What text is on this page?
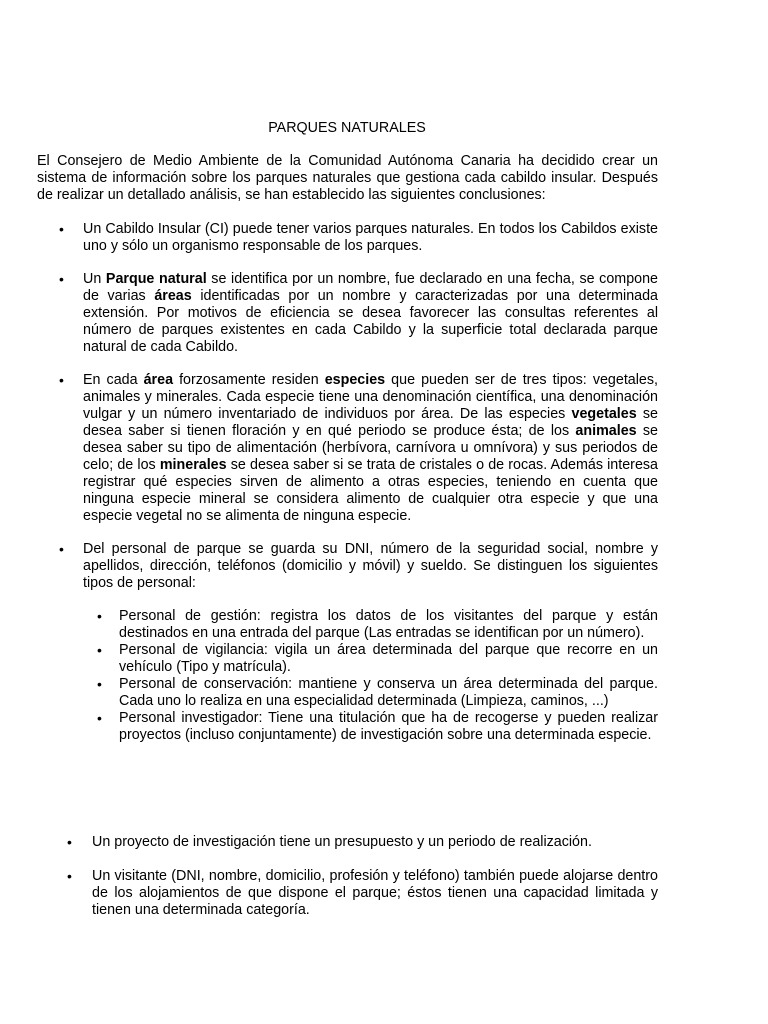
PARQUES NATURALES
El Consejero de Medio Ambiente de la Comunidad Autónoma Canaria ha decidido crear un sistema de información sobre los parques naturales que gestiona cada cabildo insular. Después de realizar un detallado análisis, se han establecido las siguientes conclusiones:
• Un Cabildo Insular (CI) puede tener varios parques naturales. En todos los Cabildos existe uno y sólo un organismo responsable de los parques.
• Un Parque natural se identifica por un nombre, fue declarado en una fecha, se compone de varias áreas identificadas por un nombre y caracterizadas por una determinada extensión. Por motivos de eficiencia se desea favorecer las consultas referentes al número de parques existentes en cada Cabildo y la superficie total declarada parque natural de cada Cabildo.
• En cada área forzosamente residen especies que pueden ser de tres tipos: vegetales, animales y minerales. Cada especie tiene una denominación científica, una denominación vulgar y un número inventariado de individuos por área. De las especies vegetales se desea saber si tienen floración y en qué periodo se produce ésta; de los animales se desea saber su tipo de alimentación (herbívora, carnívora u omnívora) y sus periodos de celo; de los minerales se desea saber si se trata de cristales o de rocas. Además interesa registrar qué especies sirven de alimento a otras especies, teniendo en cuenta que ninguna especie mineral se considera alimento de cualquier otra especie y que una especie vegetal no se alimenta de ninguna especie.
• Del personal de parque se guarda su DNI, número de la seguridad social, nombre y apellidos, dirección, teléfonos (domicilio y móvil) y sueldo. Se distinguen los siguientes tipos de personal:
• Personal de gestión: registra los datos de los visitantes del parque y están destinados en una entrada del parque (Las entradas se identifican por un número).
• Personal de vigilancia: vigila un área determinada del parque que recorre en un vehículo (Tipo y matrícula).
• Personal de conservación: mantiene y conserva un área determinada del parque. Cada uno lo realiza en una especialidad determinada (Limpieza, caminos, ...)
• Personal investigador: Tiene una titulación que ha de recogerse y pueden realizar proyectos (incluso conjuntamente) de investigación sobre una determinada especie.
• Un proyecto de investigación tiene un presupuesto y un periodo de realización.
• Un visitante (DNI, nombre, domicilio, profesión y teléfono) también puede alojarse dentro de los alojamientos de que dispone el parque; éstos tienen una capacidad limitada y tienen una determinada categoría.
